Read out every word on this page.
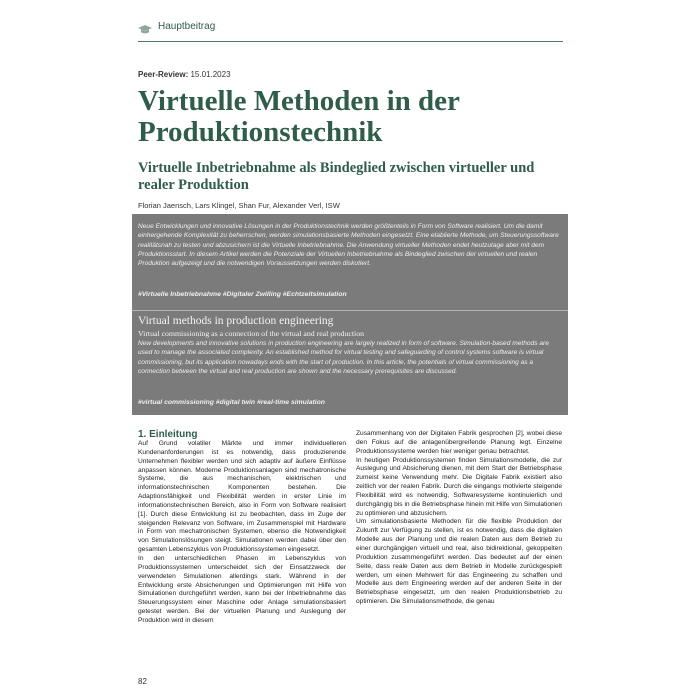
Hauptbeitrag
Peer-Review: 15.01.2023
Virtuelle Methoden in der Produktionstechnik
Virtuelle Inbetriebnahme als Bindeglied zwischen virtueller und realer Produktion
Florian Jaensch, Lars Klingel, Shan Fur, Alexander Verl, ISW
Neue Entwicklungen und innovative Lösungen in der Produktionstechnik werden größtenteils in Form von Software realisiert. Um die damit einhergehende Komplexität zu beherrschen, werden simulationsbasierte Methoden eingesetzt. Eine etablierte Methode, um Steuerungssoftware realitätsnah zu testen und abzusichern ist die Virtuelle Inbetriebnahme. Die Anwendung virtueller Methoden endet heutzutage aber mit dem Produktionsstart. In diesem Artikel werden die Potenziale der Virtuellen Inbetriebnahme als Bindeglied zwischen der virtuellen und realen Produktion aufgezeigt und die notwendigen Voraussetzungen werden diskutiert.
#Virtuelle Inbetriebnahme #Digitaler Zwilling #Echtzeitsimulation
Virtual methods in production engineering
Virtual commissioning as a connection of the virtual and real production
New developments and innovative solutions in production engineering are largely realized in form of software. Simulation-based methods are used to manage the associated complexity. An established method for virtual testing and safeguarding of control systems software is virtual commissioning, but its application nowadays ends with the start of production. In this article, the potentials of virtual commissioning as a connection between the virtual and real production are shown and the necessary prerequisites are discussed.
#virtual commissioning #digital twin #real-time simulation
1. Einleitung

Auf Grund volatiler Märkte und immer individuelleren Kundenanforderungen ist es notwendig, dass produzierende Unternehmen flexibler werden und sich adaptiv auf äußere Einflüsse anpassen können. Moderne Produktionsanlagen sind mechatronische Systeme, die aus mechanischen, elektrischen und informationstechnischen Komponenten bestehen. Die Adaptionsfähigkeit und Flexibilität werden in erster Linie im informationstechnischen Bereich, also in Form von Software realisiert [1]. Durch diese Entwicklung ist zu beobachten, dass im Zuge der steigenden Relevanz von Software, im Zusammenspiel mit Hardware in Form von mechatronischen Systemen, ebenso die Notwendigkeit von Simulationslösungen steigt. Simulationen werden dabei über den gesamten Lebenszyklus von Produktionssystemen eingesetzt.

In den unterschiedlichen Phasen im Lebenszyklus von Produktionssystemen unterscheidet sich der Einsatzzweck der verwendeten Simulationen allerdings stark. Während in der Entwicklung erste Absicherungen und Optimierungen mit Hilfe von Simulationen durchgeführt werden, kann bei der Inbetriebnahme das Steuerungssystem einer Maschine oder Anlage simulationsbasiert getestet werden. Bei der virtuellen Planung und Auslegung der Produktion wird in diesem

Zusammenhang von der Digitalen Fabrik gesprochen [2], wobei diese den Fokus auf die anlagenübergreifende Planung legt. Einzelne Produktionssysteme werden hier weniger genau betrachtet.

In heutigen Produktionssystemen finden Simulationsmodelle, die zur Auslegung und Absicherung dienen, mit dem Start der Betriebsphase zumeist keine Verwendung mehr. Die Digitale Fabrik existiert also zeitlich vor der realen Fabrik. Durch die eingangs motivierte steigende Flexibilität wird es notwendig, Softwaresysteme kontinuierlich und durchgängig bis in die Betriebsphase hinein mit Hilfe von Simulationen zu optimieren und abzusichern.

Um simulationsbasierte Methoden für die flexible Produktion der Zukunft zur Verfügung zu stellen, ist es notwendig, dass die digitalen Modelle aus der Planung und die realen Daten aus dem Betrieb zu einer durchgängigen virtuell und real, also bidirektional, gekoppelten Produktion zusammengeführt werden. Das bedeutet auf der einen Seite, dass reale Daten aus dem Betrieb in Modelle zurückgespielt werden, um einen Mehrwert für das Engineering zu schaffen und Modelle aus dem Engineering werden auf der anderen Seite in der Betriebsphase eingesetzt, um den realen Produktionsbetrieb zu optimieren. Die Simulationsmethode, die genau

82
